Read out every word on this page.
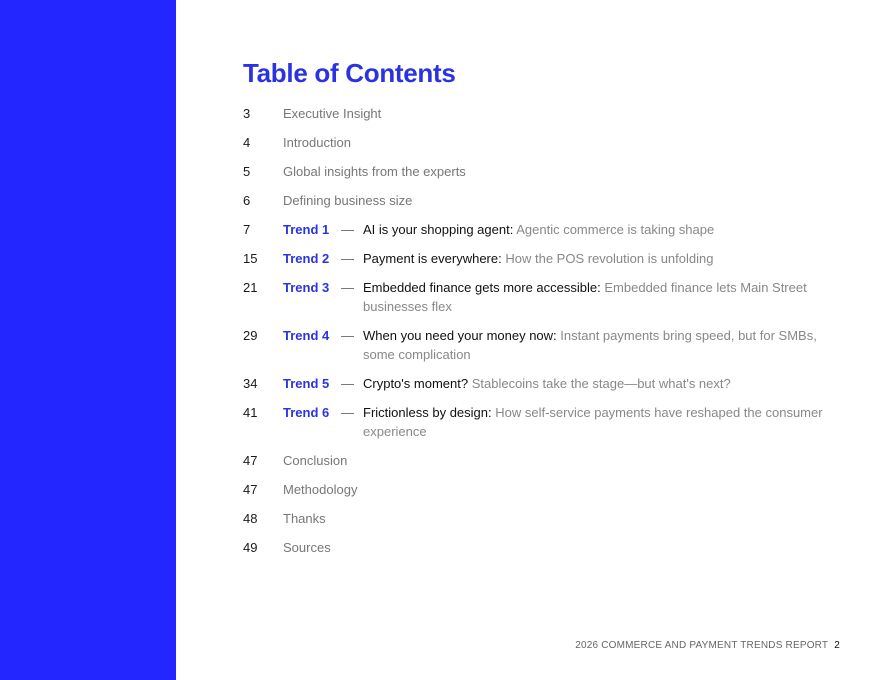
Table of Contents
3	Executive Insight
4	Introduction
5	Global insights from the experts
6	Defining business size
7	Trend 1 — AI is your shopping agent: Agentic commerce is taking shape
15	Trend 2 — Payment is everywhere: How the POS revolution is unfolding
21	Trend 3 — Embedded finance gets more accessible: Embedded finance lets Main Street businesses flex
29	Trend 4 — When you need your money now: Instant payments bring speed, but for SMBs, some complication
34	Trend 5 — Crypto's moment? Stablecoins take the stage—but what's next?
41	Trend 6 — Frictionless by design: How self-service payments have reshaped the consumer experience
47	Conclusion
47	Methodology
48	Thanks
49	Sources
2026 COMMERCE AND PAYMENT TRENDS REPORT 2
